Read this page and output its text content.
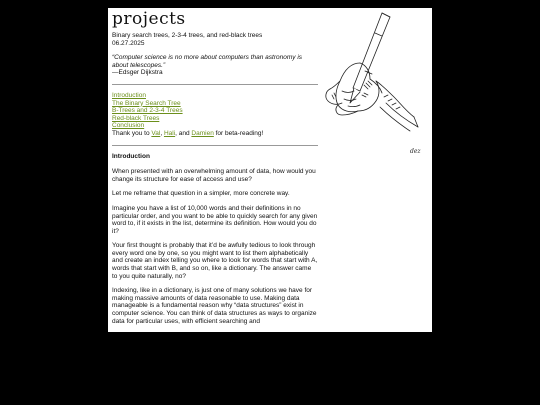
projects

Binary search trees, 2-3-4 trees, and red-black trees

06.27.2025

“Computer science is no more about computers than astronomy is about telescopes.”

—Edsger Dijkstra

Introduction
The Binary Search Tree
B-Trees and 2-3-4 Trees
Red-black Trees
Conclusion

Thank you to Val, Hali, and Damien for beta-reading!

Introduction

When presented with an overwhelming amount of data, how would you change its structure for ease of access and use?

Let me reframe that question in a simpler, more concrete way.

Imagine you have a list of 10,000 words and their definitions in no particular order, and you want to be able to quickly search for any given word to, if it exists in the list, determine its definition. How would you do it?

Your first thought is probably that it’d be awfully tedious to look through every word one by one, so you might want to list them alphabetically and create an index telling you where to look for words that start with A, words that start with B, and so on, like a dictionary. The answer came to you quite naturally, no?

Indexing, like in a dictionary, is just one of many solutions we have for making massive amounts of data reasonable to use. Making data manageable is a fundamental reason why “data structures” exist in computer science. You can think of data structures as ways to organize data for particular uses, with efficient searching and

dez
